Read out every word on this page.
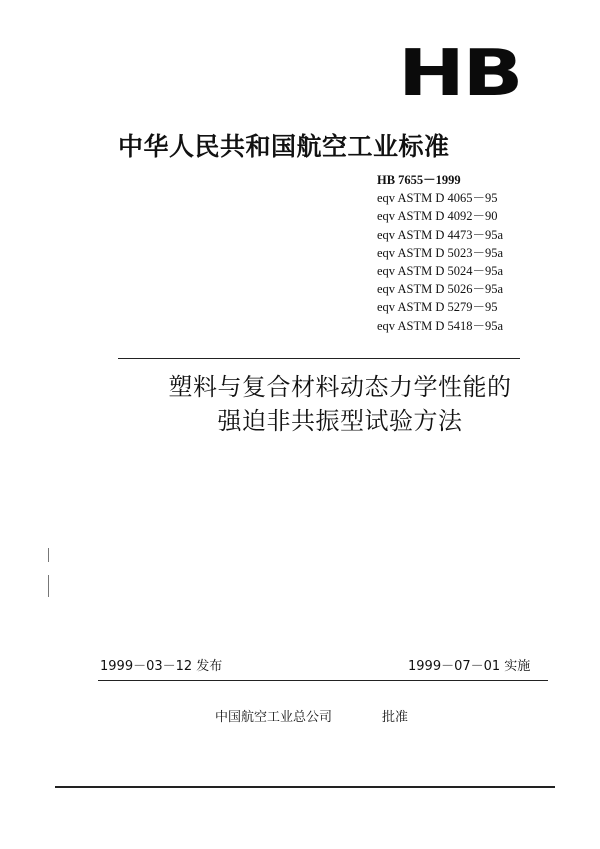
HB
中华人民共和国航空工业标准
HB 7655－1999
eqv ASTM D 4065－95
eqv ASTM D 4092－90
eqv ASTM D 4473－95a
eqv ASTM D 5023－95a
eqv ASTM D 5024－95a
eqv ASTM D 5026－95a
eqv ASTM D 5279－95
eqv ASTM D 5418－95a
塑料与复合材料动态力学性能的
强迫非共振型试验方法
1999－03－12 发布	1999－07－01 实施
中国航空工业总公司	批准
